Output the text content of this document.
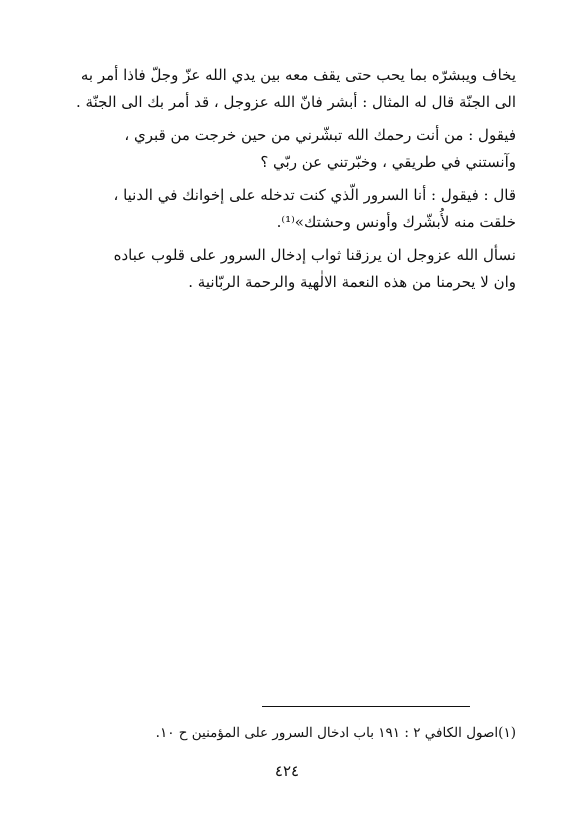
يخاف ويبشرّه بما يحب حتى يقف معه بين يدي الله عزّ وجلّ فاذا أمر به
الى الجنّة قال له المثال : أبشر فانّ الله عزوجل ، قد أمر بك الى الجنّة .
فيقول : من أنت رحمك الله تبشّرني من حين خرجت من قبري ،
وآنستني في طريقي ، وخبّرتني عن ربّي ؟
قال : فيقول : أنا السرور الّذي كنت تدخله على إخوانك في الدنيا ،
خلقت منه لأُبشّرك وأونس وحشتك»⁽¹⁾.
نسأل الله عزوجل ان يرزقنا ثواب إدخال السرور على قلوب عباده
وان لا يحرمنا من هذه النعمة الالٰهية والرحمة الربّانية .
(١)اصول الكافي ٢ : ١٩١ باب ادخال السرور على المؤمنين ح ١٠.
٤٢٤
